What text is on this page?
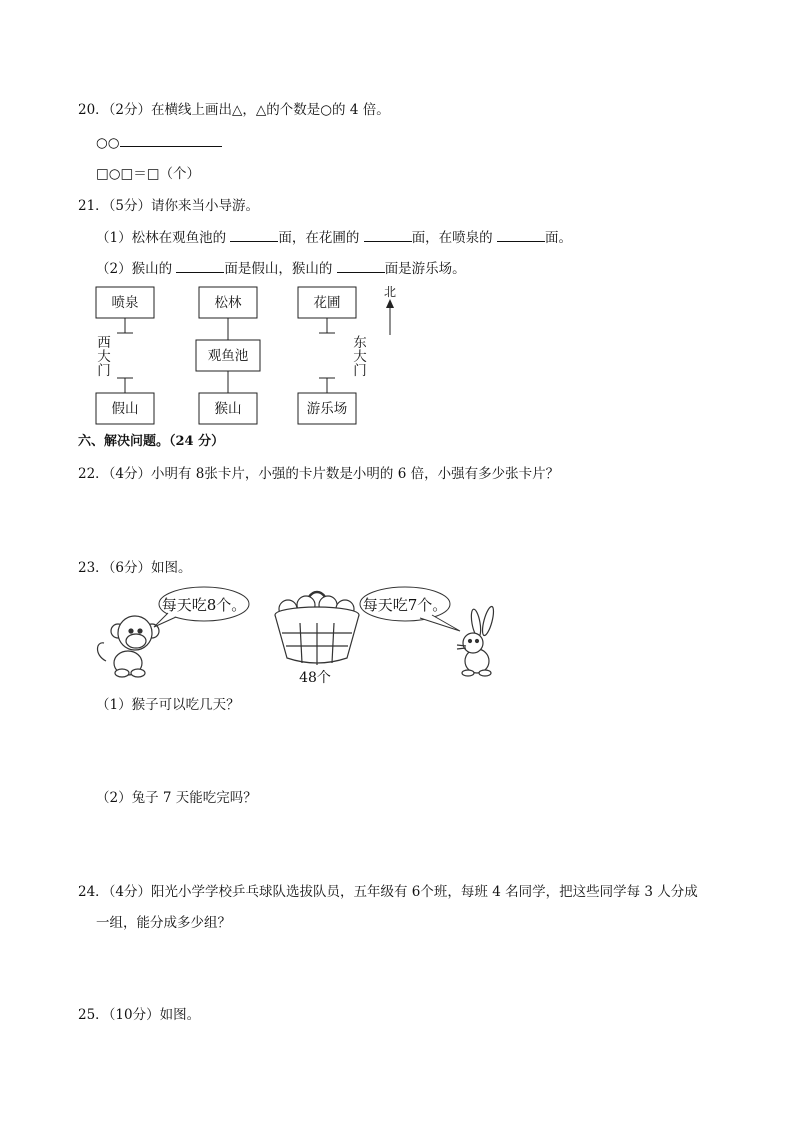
20．（2分）在横线上画出△，△的个数是○的 4 倍。
○○
□○□＝□（个）
21．（5分）请你来当小导游。
（1）松林在观鱼池的	面，在花圃的	面，在喷泉的	面。
（2）猴山的	面是假山，猴山的	面是游乐场。
喷泉	松林	花圃
观鱼池
假山	猴山	游乐场
西
大
门
东
大
门
北
六、解决问题。（24 分）
22．（4分）小明有 8张卡片，小强的卡片数是小明的 6 倍，小强有多少张卡片？
23．（6分）如图。
每天吃8个。
48个
每天吃7个。
（1）猴子可以吃几天？
（2）兔子 7 天能吃完吗？
24．（4分）阳光小学学校乒乓球队选拔队员，五年级有 6个班，每班 4 名同学，把这些同学每 3 人分成
一组，能分成多少组？
25．（10分）如图。
